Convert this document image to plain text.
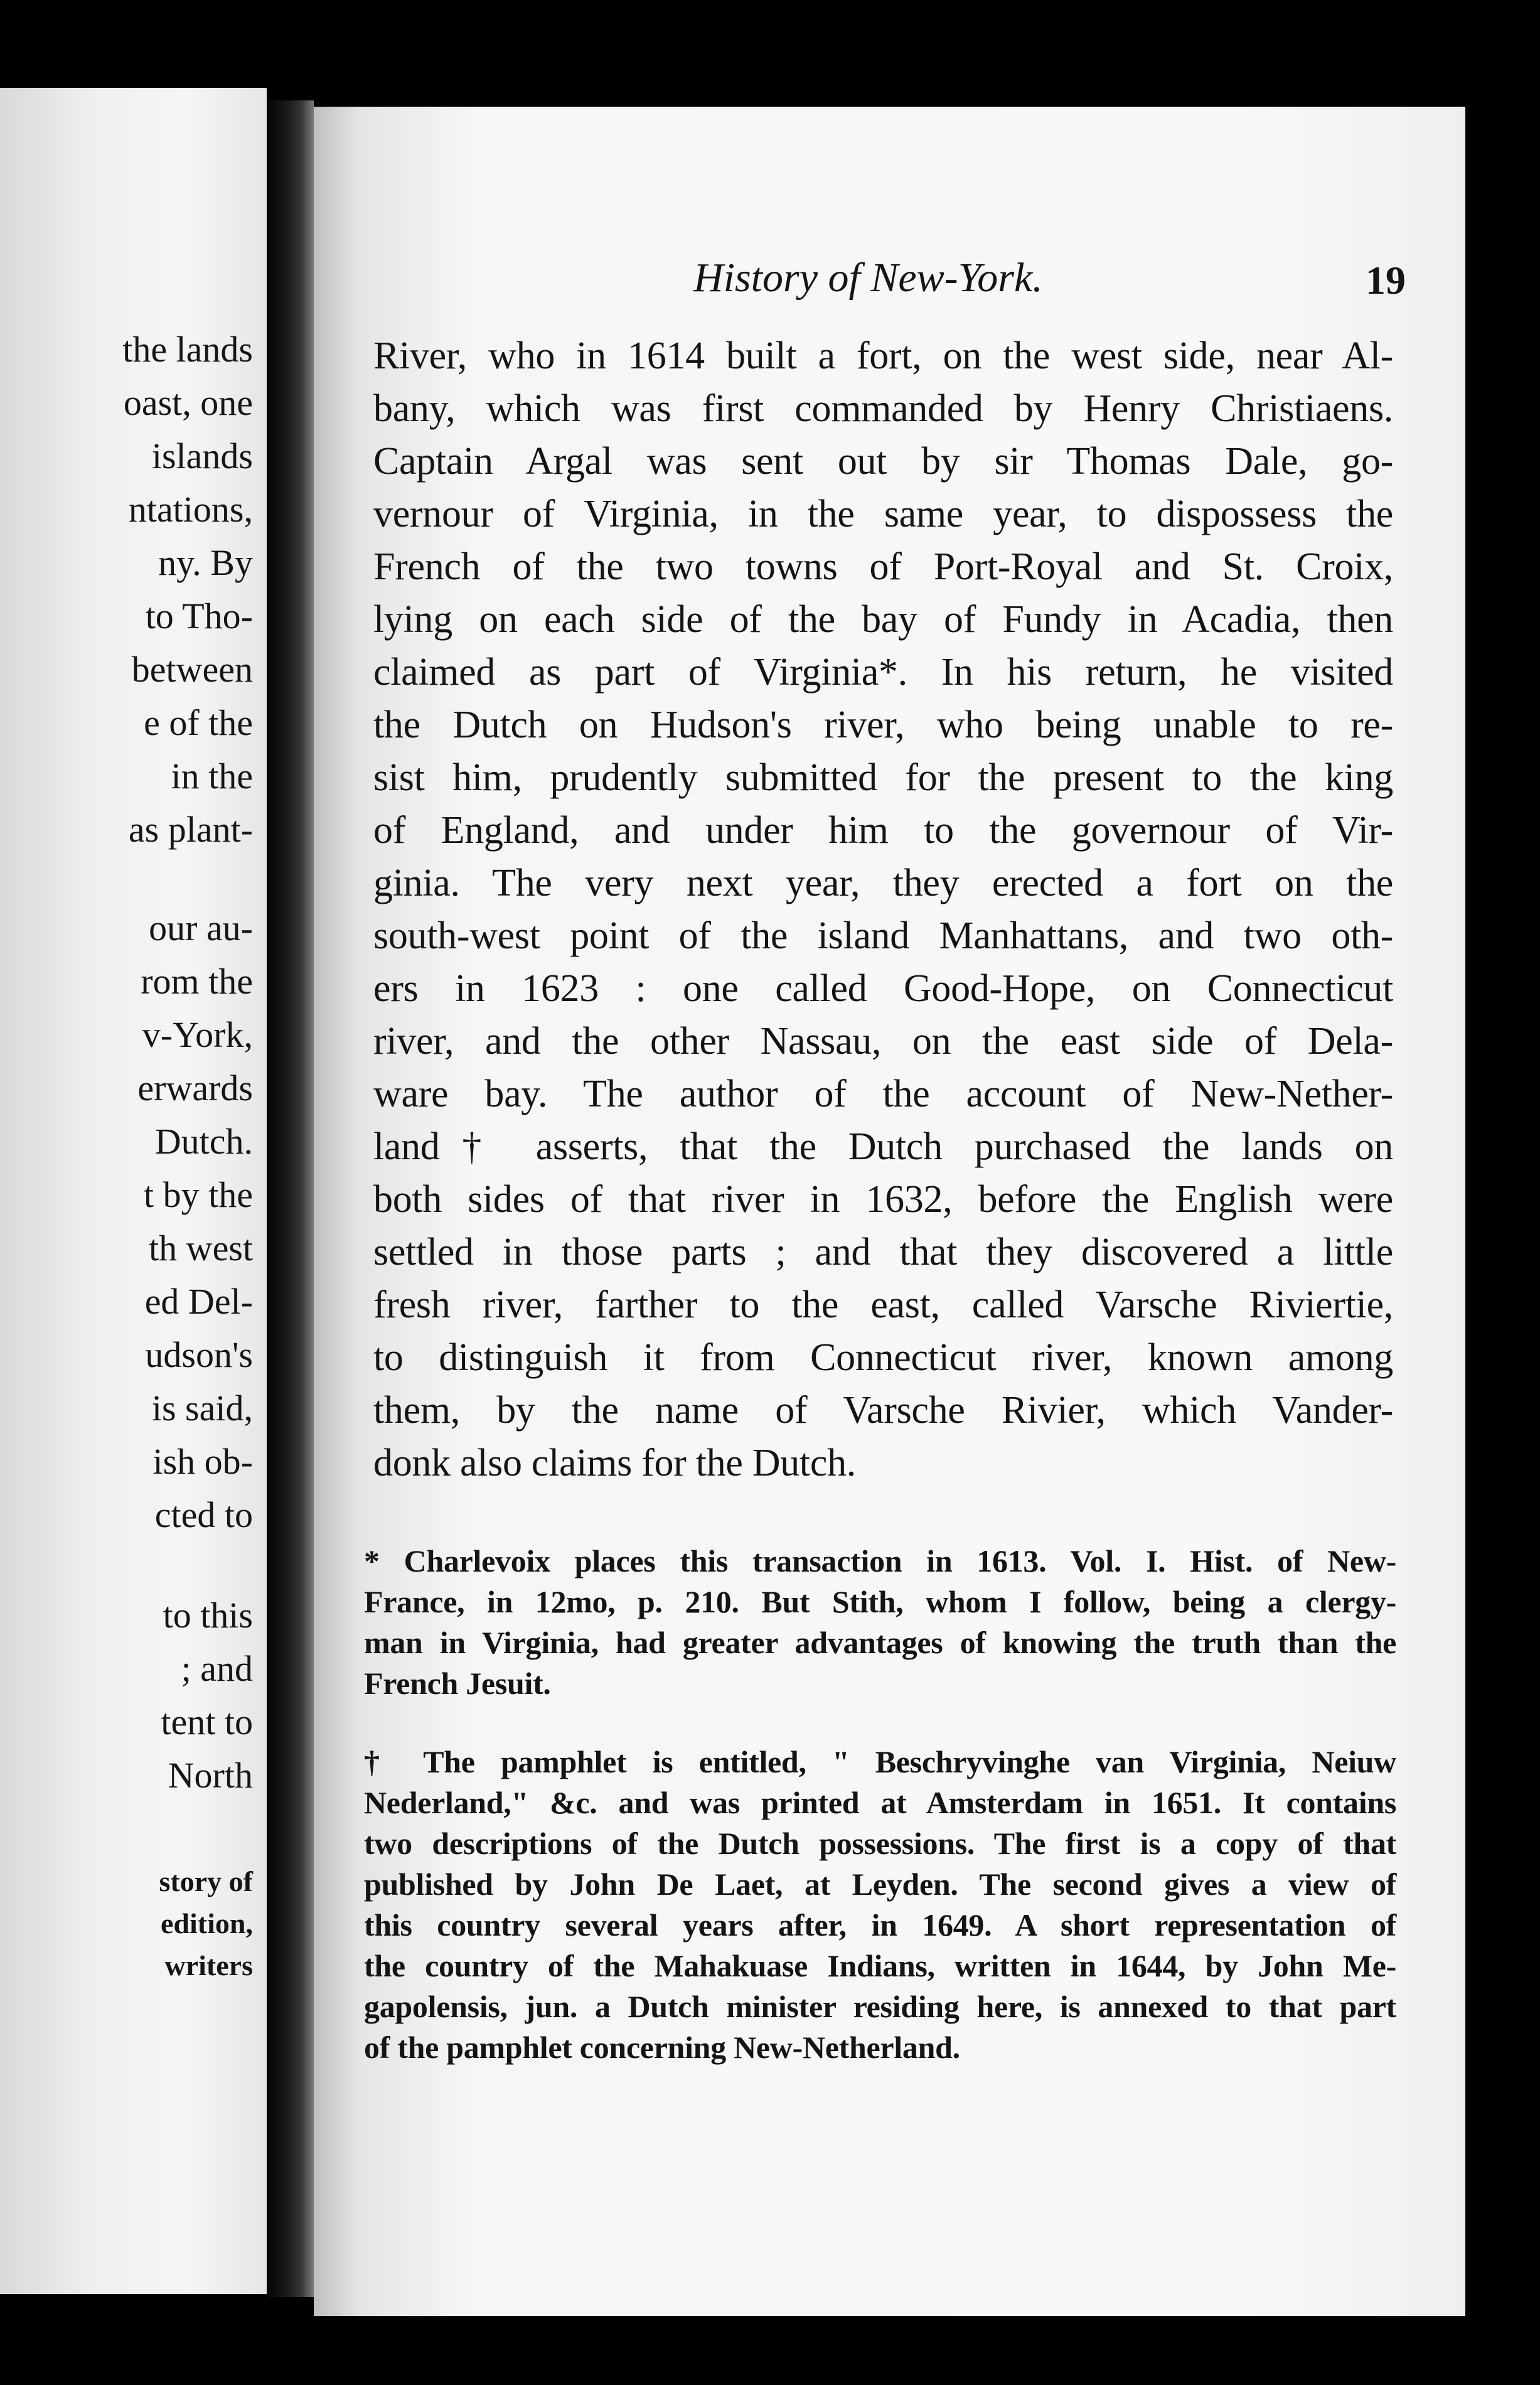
the lands
oast, one
islands
ntations,
ny. By
to Tho-
between
e of the
in the
as plant-
our au-
rom the
v-York,
erwards
Dutch.
t by the
th west
ed Del-
udson's
is said,
ish ob-
cted to
to this
; and
tent to
North
story of
edition,
writers
History of New-York.	19
River, who in 1614 built a fort, on the west side, near Al-
bany, which was first commanded by Henry Christiaens.
Captain Argal was sent out by sir Thomas Dale, go-
vernour of Virginia, in the same year, to dispossess the
French of the two towns of Port-Royal and St. Croix,
lying on each side of the bay of Fundy in Acadia, then
claimed as part of Virginia*. In his return, he visited
the Dutch on Hudson's river, who being unable to re-
sist him, prudently submitted for the present to the king
of England, and under him to the governour of Vir-
ginia. The very next year, they erected a fort on the
south-west point of the island Manhattans, and two oth-
ers in 1623 : one called Good-Hope, on Connecticut
river, and the other Nassau, on the east side of Dela-
ware bay. The author of the account of New-Nether-
land† asserts, that the Dutch purchased the lands on
both sides of that river in 1632, before the English were
settled in those parts ; and that they discovered a little
fresh river, farther to the east, called Varsche Riviertie,
to distinguish it from Connecticut river, known among
them, by the name of Varsche Rivier, which Vander-
donk also claims for the Dutch.
* Charlevoix places this transaction in 1613. Vol. I. Hist. of New-
France, in 12mo, p. 210. But Stith, whom I follow, being a clergy-
man in Virginia, had greater advantages of knowing the truth than the
French Jesuit.
† The pamphlet is entitled, " Beschryvinghe van Virginia, Neiuw
Nederland," &c. and was printed at Amsterdam in 1651. It contains
two descriptions of the Dutch possessions. The first is a copy of that
published by John De Laet, at Leyden. The second gives a view of
this country several years after, in 1649. A short representation of
the country of the Mahakuase Indians, written in 1644, by John Me-
gapolensis, jun. a Dutch minister residing here, is annexed to that part
of the pamphlet concerning New-Netherland.
